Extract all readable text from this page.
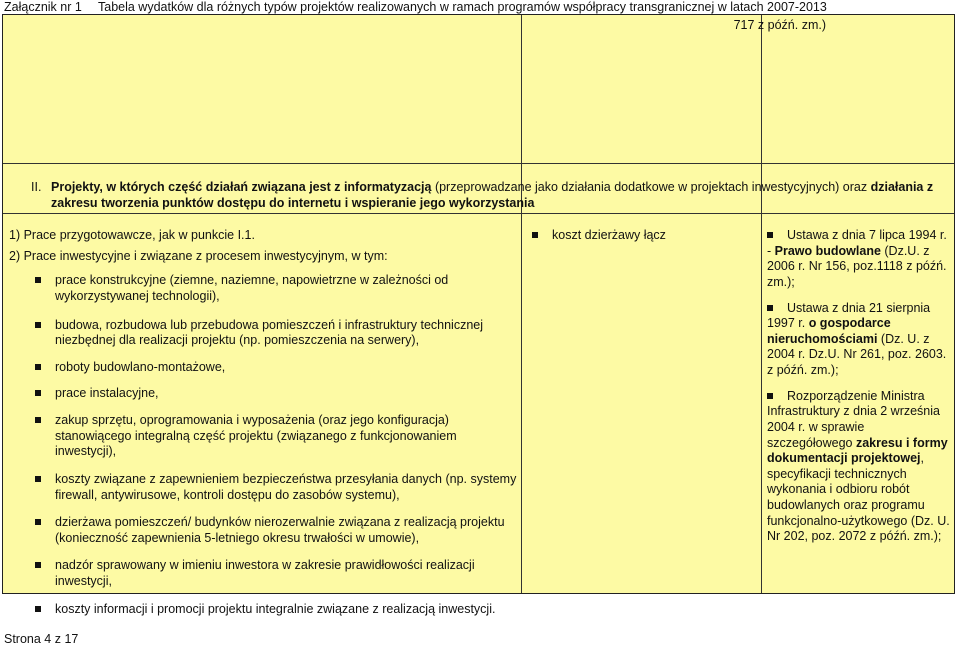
Załącznik nr 1 Tabela wydatków dla różnych typów projektów realizowanych w ramach programów współpracy transgranicznej w latach 2007-2013
717 z późń. zm.)
II. Projekty, w których część działań związana jest z informatyzacją (przeprowadzane jako działania dodatkowe w projektach inwestycyjnych) oraz działania z zakresu tworzenia punktów dostępu do internetu i wspieranie jego wykorzystania
1) Prace przygotowawcze, jak w punkcie I.1.
2) Prace inwestycyjne i związane z procesem inwestycyjnym, w tym:
prace konstrukcyjne (ziemne, naziemne, napowietrzne w zależności od wykorzystywanej technologii),
budowa, rozbudowa lub przebudowa pomieszczeń i infrastruktury technicznej niezbędnej dla realizacji projektu (np. pomieszczenia na serwery),
roboty budowlano-montażowe,
prace instalacyjne,
zakup sprzętu, oprogramowania i wyposażenia (oraz jego konfiguracja) stanowiącego integralną część projektu (związanego z funkcjonowaniem inwestycji),
koszty związane z zapewnieniem bezpieczeństwa przesyłania danych (np. systemy firewall, antywirusowe, kontroli dostępu do zasobów systemu),
dzierżawa pomieszczeń/ budynków nierozerwalnie związana z realizacją projektu (konieczność zapewnienia 5-letniego okresu trwałości w umowie),
nadzór sprawowany w imieniu inwestora w zakresie prawidłowości realizacji inwestycji,
koszty informacji i promocji projektu integralnie związane z realizacją inwestycji.
koszt dzierżawy łącz	Ustawa z dnia 7 lipca 1994 r. - Prawo budowlane (Dz.U. z 2006 r. Nr 156, poz.1118 z późń. zm.);
Ustawa z dnia 21 sierpnia 1997 r. o gospodarce nieruchomościami (Dz. U. z 2004 r. Dz.U. Nr 261, poz. 2603. z późń. zm.);
Rozporządzenie Ministra Infrastruktury z dnia 2 września 2004 r. w sprawie szczegółowego zakresu i formy dokumentacji projektowej, specyfikacji technicznych wykonania i odbioru robót budowlanych oraz programu funkcjonalno-użytkowego (Dz. U. Nr 202, poz. 2072 z późń. zm.);
Strona 4 z 17
